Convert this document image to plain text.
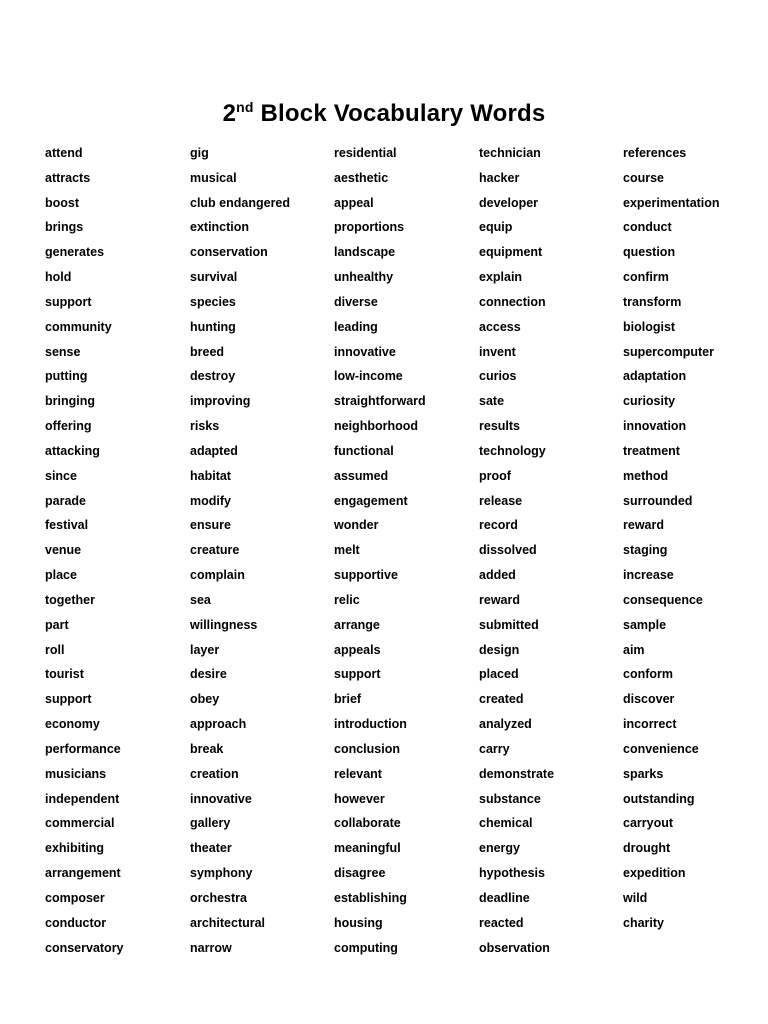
2nd Block Vocabulary Words
attend
attracts
boost
brings
generates
hold
support
community
sense
putting
bringing
offering
attacking
since
parade
festival
venue
place
together
part
roll
tourist
support
economy
performance
musicians
independent
commercial
exhibiting
arrangement
composer
conductor
conservatory
gig
musical
club endangered
extinction
conservation
survival
species
hunting
breed
destroy
improving
risks
adapted
habitat
modify
ensure
creature
complain
sea
willingness
layer
desire
obey
approach
break
creation
innovative
gallery
theater
symphony
orchestra
architectural
narrow
residential
aesthetic
appeal
proportions
landscape
unhealthy
diverse
leading
innovative
low-income
straightforward
neighborhood
functional
assumed
engagement
wonder
melt
supportive
relic
arrange
appeals
support
brief
introduction
conclusion
relevant
however
collaborate
meaningful
disagree
establishing
housing
computing
technician
hacker
developer
equip
equipment
explain
connection
access
invent
curios
sate
results
technology
proof
release
record
dissolved
added
reward
submitted
design
placed
created
analyzed
carry
demonstrate
substance
chemical
energy
hypothesis
deadline
reacted
observation
references
course
experimentation
conduct
question
confirm
transform
biologist
supercomputer
adaptation
curiosity
innovation
treatment
method
surrounded
reward
staging
increase
consequence
sample
aim
conform
discover
incorrect
convenience
sparks
outstanding
carryout
drought
expedition
wild
charity
